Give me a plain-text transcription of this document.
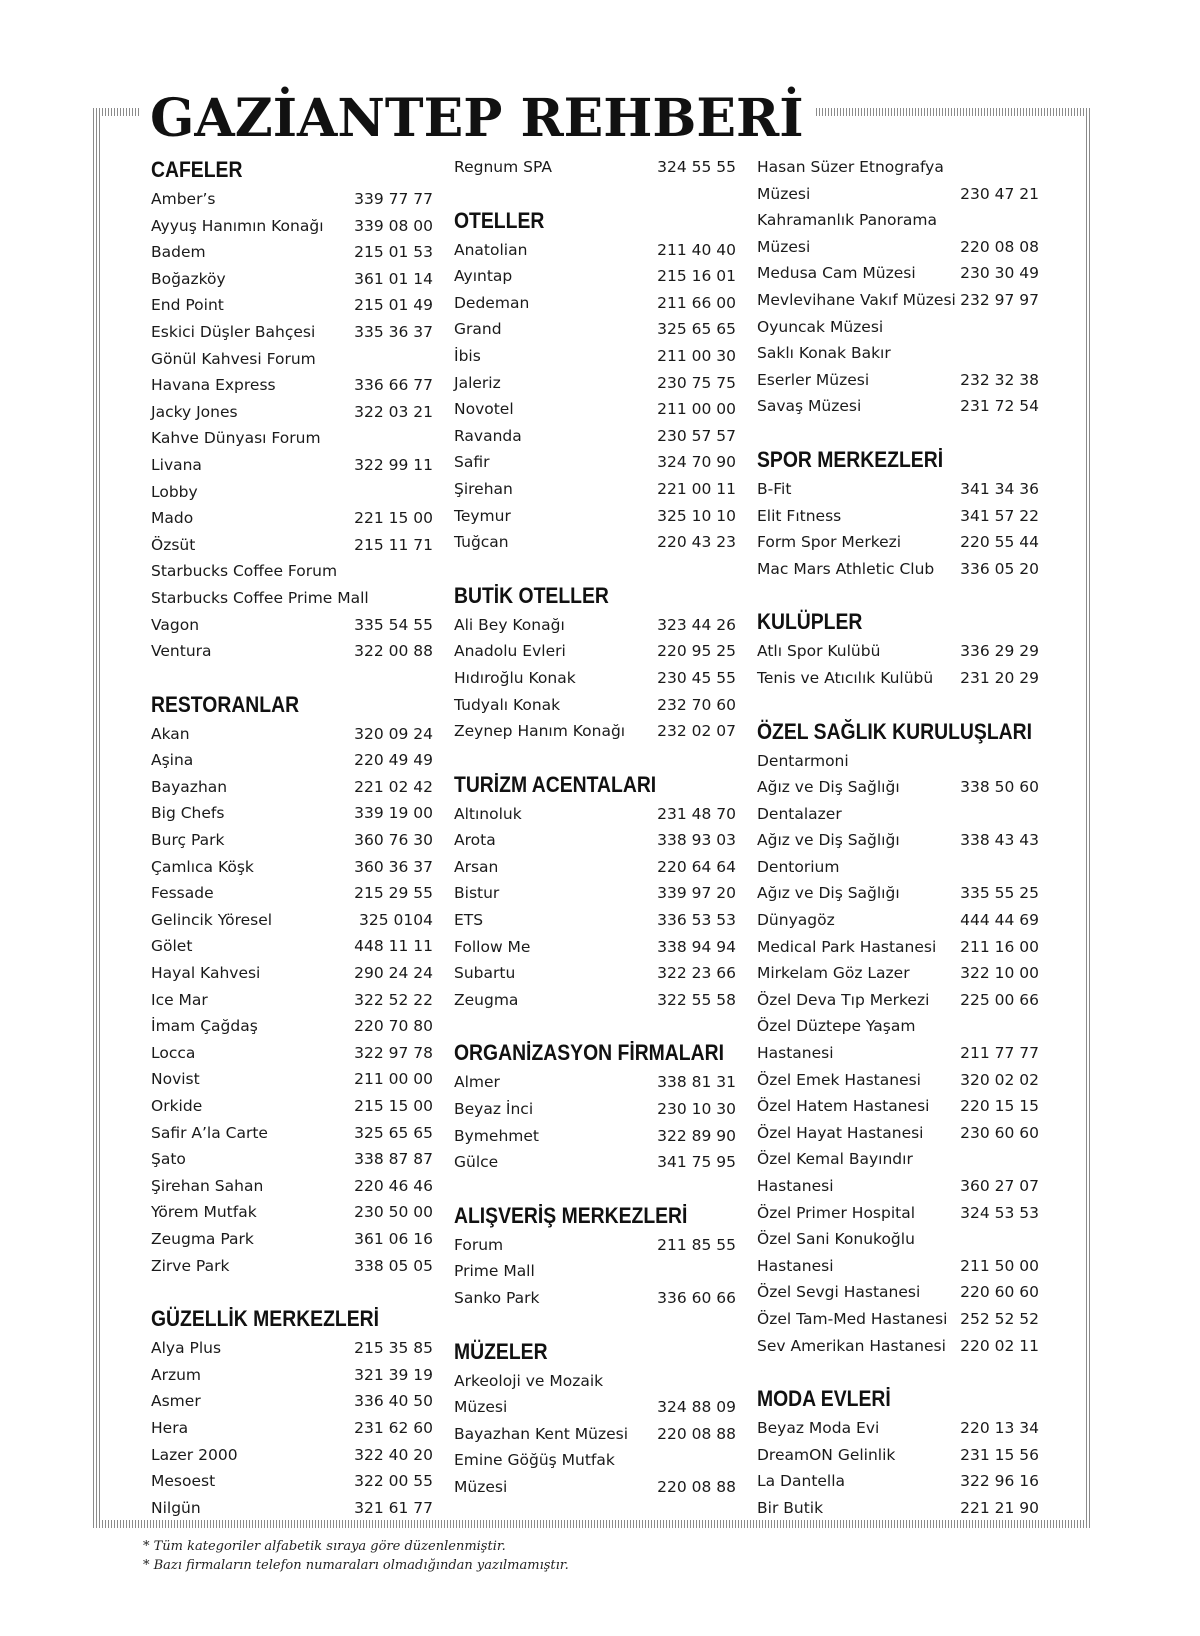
GAZİANTEP REHBERİ
CAFELER
Amber’s	339 77 77
Ayyuş Hanımın Konağı 339 08 00
Badem	215 01 53
Boğazköy	361 01 14
End Point	215 01 49
Eskici Düşler Bahçesi	335 36 37
Gönül Kahvesi Forum
Havana Express	336 66 77
Jacky Jones	322 03 21
Kahve Dünyası Forum
Livana	322 99 11
Lobby
Mado	221 15 00
Özsüt	215 11 71
Starbucks Coffee Forum
Starbucks Coffee Prime Mall
Vagon	335 54 55
Ventura	322 00 88
RESTORANLAR
Akan	320 09 24
Aşina	220 49 49
Bayazhan	221 02 42
Big Chefs	339 19 00
Burç Park	360 76 30
Çamlıca Köşk	360 36 37
Fessade	215 29 55
Gelincik Yöresel	325 0104
Gölet	448 11 11
Hayal Kahvesi	290 24 24
Ice Mar	322 52 22
İmam Çağdaş	220 70 80
Locca	322 97 78
Novist	211 00 00
Orkide	215 15 00
Safir A’la Carte	325 65 65
Şato	338 87 87
Şirehan Sahan	220 46 46
Yörem Mutfak	230 50 00
Zeugma Park	361 06 16
Zirve Park	338 05 05
GÜZELLİK MERKEZLERİ
Alya Plus	215 35 85
Arzum	321 39 19
Asmer	336 40 50
Hera	231 62 60
Lazer 2000	322 40 20
Mesoest	322 00 55
Nilgün	321 61 77
Regnum SPA	324 55 55
OTELLER
Anatolian	211 40 40
Ayıntap	215 16 01
Dedeman	211 66 00
Grand	325 65 65
İbis	211 00 30
Jaleriz	230 75 75
Novotel	211 00 00
Ravanda	230 57 57
Safir	324 70 90
Şirehan	221 00 11
Teymur	325 10 10
Tuğcan	220 43 23
BUTİK OTELLER
Ali Bey Konağı	323 44 26
Anadolu Evleri	220 95 25
Hıdıroğlu Konak	230 45 55
Tudyalı Konak	232 70 60
Zeynep Hanım Konağı 232 02 07
TURİZM ACENTALARI
Altınoluk	231 48 70
Arota	338 93 03
Arsan	220 64 64
Bistur	339 97 20
ETS	336 53 53
Follow Me	338 94 94
Subartu	322 23 66
Zeugma	322 55 58
ORGANİZASYON FİRMALARI
Almer	338 81 31
Beyaz İnci	230 10 30
Bymehmet	322 89 90
Gülce	341 75 95
ALIŞVERİŞ MERKEZLERİ
Forum	211 85 55
Prime Mall
Sanko Park	336 60 66
MÜZELER
Arkeoloji ve Mozaik
Müzesi	324 88 09
Bayazhan Kent Müzesi 220 08 88
Emine Göğüş Mutfak
Müzesi	220 08 88
Hasan Süzer Etnografya
Müzesi	230 47 21
Kahramanlık Panorama
Müzesi	220 08 08
Medusa Cam Müzesi	230 30 49
Mevlevihane Vakıf Müzesi 232 97 97
Oyuncak Müzesi
Saklı Konak Bakır
Eserler Müzesi	232 32 38
Savaş Müzesi	231 72 54
SPOR MERKEZLERİ
B-Fit	341 34 36
Elit Fıtness	341 57 22
Form Spor Merkezi	220 55 44
Mac Mars Athletic Club 336 05 20
KULÜPLER
Atlı Spor Kulübü	336 29 29
Tenis ve Atıcılık Kulübü 231 20 29
ÖZEL SAĞLIK KURULUŞLARI
Dentarmoni
Ağız ve Diş Sağlığı	338 50 60
Dentalazer
Ağız ve Diş Sağlığı	338 43 43
Dentorium
Ağız ve Diş Sağlığı	335 55 25
Dünyagöz	444 44 69
Medical Park Hastanesi 211 16 00
Mirkelam Göz Lazer	322 10 00
Özel Deva Tıp Merkezi 225 00 66
Özel Düztepe Yaşam
Hastanesi	211 77 77
Özel Emek Hastanesi	320 02 02
Özel Hatem Hastanesi 220 15 15
Özel Hayat Hastanesi 230 60 60
Özel Kemal Bayındır
Hastanesi	360 27 07
Özel Primer Hospital	324 53 53
Özel Sani Konukoğlu
Hastanesi	211 50 00
Özel Sevgi Hastanesi	220 60 60
Özel Tam-Med Hastanesi 252 52 52
Sev Amerikan Hastanesi 220 02 11
MODA EVLERİ
Beyaz Moda Evi	220 13 34
DreamON Gelinlik	231 15 56
La Dantella	322 96 16
Bir Butik	221 21 90
* Tüm kategoriler alfabetik sıraya göre düzenlenmiştir.
* Bazı firmaların telefon numaraları olmadığından yazılmamıştır.
